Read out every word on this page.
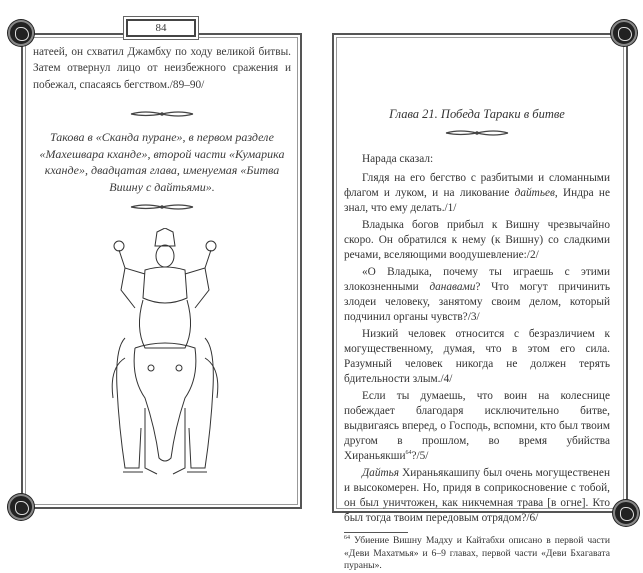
84
натеей, он схватил Джамбху по ходу великой битвы. Затем отвернул лицо от неизбежного сражения и побежал, спасаясь бегством./89–90/
Такова в «Сканда пуране», в первом разделе «Махешвара кханде», второй части «Кумарика кханде», двадцатая глава, именуемая «Битва Вишну с дайтьями».
Глава 21. Победа Тараки в битве
Нарада сказал:
Глядя на его бегство с разбитыми и сломанными флагом и луком, и на ликование дайтьев, Индра не знал, что ему делать./1/
Владыка богов прибыл к Вишну чрезвычайно скоро. Он обратился к нему (к Вишну) со сладкими речами, вселяющими воодушевление:/2/
«О Владыка, почему ты играешь с этими злокозненными данавами? Что могут причинить злодеи человеку, занятому своим делом, который подчинил органы чувств?/3/
Низкий человек относится с безразличием к могущественному, думая, что в этом его сила. Разумный человек никогда не должен терять бдительности злым./4/
Если ты думаешь, что воин на колеснице побеждает благодаря исключительно битве, выдвигаясь вперед, о Господь, вспомни, кто был твоим другом в прошлом, во время убийства Хираньякши$^{64}$?/5/
Дайтья Хираньякашипу был очень могущественен и высокомерен. Но, придя в соприкосновение с тобой, он был уничтожен, как никчемная трава [в огне]. Кто был тогда твоим передовым отрядом?/6/
$^{64}$ Убиение Вишну Мадху и Кайтабхи описано в первой части «Деви Махатмья» и 6–9 главах, первой части «Деви Бхагавата пураны».
